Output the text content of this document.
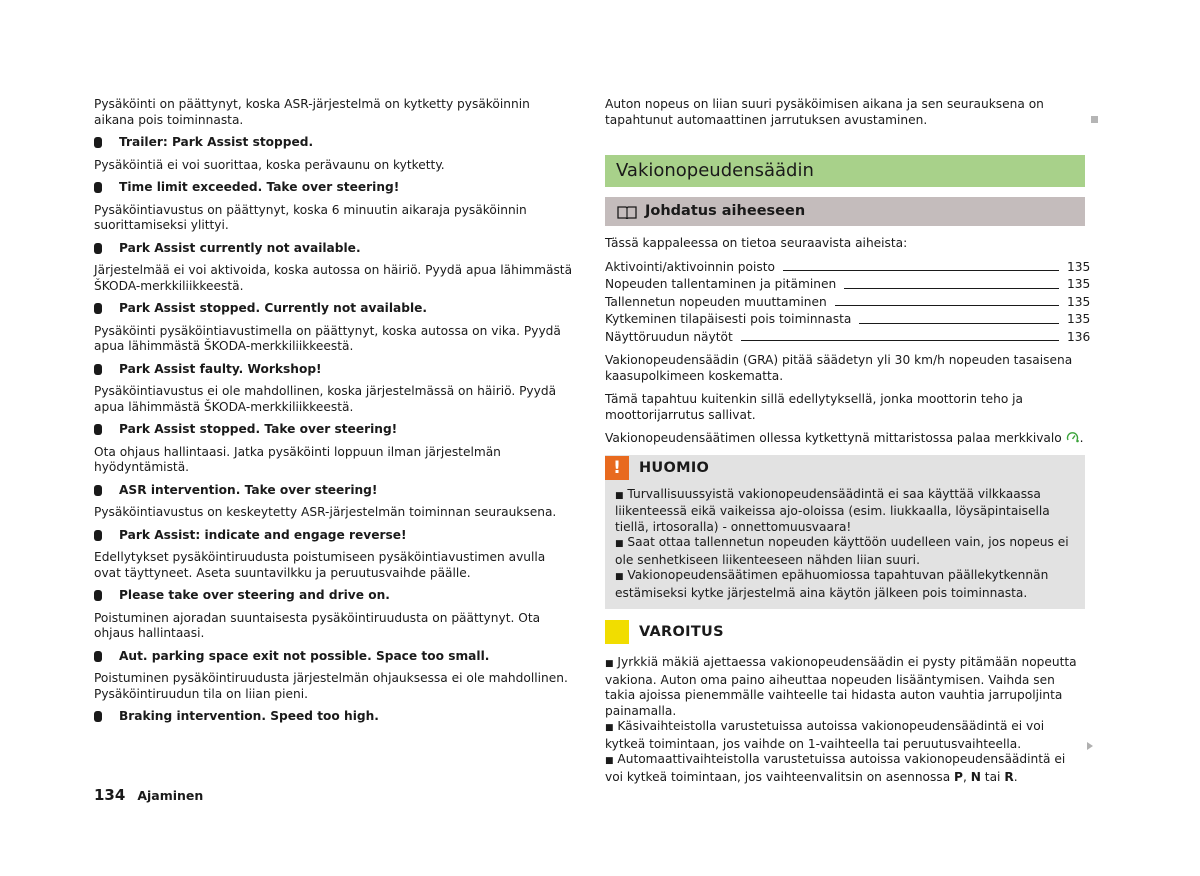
Pysäköinti on päättynyt, koska ASR-järjestelmä on kytketty pysäköinnin aikana pois toiminnasta.

Trailer: Park Assist stopped.

Pysäköintiä ei voi suorittaa, koska perävaunu on kytketty.

Time limit exceeded. Take over steering!

Pysäköintiavustus on päättynyt, koska 6 minuutin aikaraja pysäköinnin suorittamiseksi ylittyi.

Park Assist currently not available.

Järjestelmää ei voi aktivoida, koska autossa on häiriö. Pyydä apua lähimmästä ŠKODA-merkkiliikkeestä.

Park Assist stopped. Currently not available.

Pysäköinti pysäköintiavustimella on päättynyt, koska autossa on vika. Pyydä apua lähimmästä ŠKODA-merkkiliikkeestä.

Park Assist faulty. Workshop!

Pysäköintiavustus ei ole mahdollinen, koska järjestelmässä on häiriö. Pyydä apua lähimmästä ŠKODA-merkkiliikkeestä.

Park Assist stopped. Take over steering!

Ota ohjaus hallintaasi. Jatka pysäköinti loppuun ilman järjestelmän hyödyntämistä.

ASR intervention. Take over steering!

Pysäköintiavustus on keskeytetty ASR-järjestelmän toiminnan seurauksena.

Park Assist: indicate and engage reverse!

Edellytykset pysäköintiruudusta poistumiseen pysäköintiavustimen avulla ovat täyttyneet. Aseta suuntavilkku ja peruutusvaihde päälle.

Please take over steering and drive on.

Poistuminen ajoradan suuntaisesta pysäköintiruudusta on päättynyt. Ota ohjaus hallintaasi.

Aut. parking space exit not possible. Space too small.

Poistuminen pysäköintiruudusta järjestelmän ohjauksessa ei ole mahdollinen. Pysäköintiruudun tila on liian pieni.

Braking intervention. Speed too high.

Auton nopeus on liian suuri pysäköimisen aikana ja sen seurauksena on tapahtunut automaattinen jarrutuksen avustaminen.

Vakionopeudensäädin
Johdatus aiheeseen

Tässä kappaleessa on tietoa seuraavista aiheista:

Aktivointi/aktivoinnin poisto	135
Nopeuden tallentaminen ja pitäminen	135
Tallennetun nopeuden muuttaminen	135
Kytkeminen tilapäisesti pois toiminnasta	135
Näyttöruudun näytöt	136

Vakionopeudensäädin (GRA) pitää säädetyn yli 30 km/h nopeuden tasaisena kaasupolkimeen koskematta.

Tämä tapahtuu kuitenkin sillä edellytyksellä, jonka moottorin teho ja moottorijarrutus sallivat.

Vakionopeudensäätimen ollessa kytkettynä mittaristossa palaa merkkivalo .

!	HUOMIO

■ Turvallisuussyistä vakionopeudensäädintä ei saa käyttää vilkkaassa liikenteessä eikä vaikeissa ajo-oloissa (esim. liukkaalla, löysäpintaisella tiellä, irtosoralla) - onnettomuusvaara!

■ Saat ottaa tallennetun nopeuden käyttöön uudelleen vain, jos nopeus ei ole senhetkiseen liikenteeseen nähden liian suuri.

■ Vakionopeudensäätimen epähuomiossa tapahtuvan päällekytkennän estämiseksi kytke järjestelmä aina käytön jälkeen pois toiminnasta.

!	VAROITUS

■ Jyrkkiä mäkiä ajettaessa vakionopeudensäädin ei pysty pitämään nopeutta vakiona. Auton oma paino aiheuttaa nopeuden lisääntymisen. Vaihda sen takia ajoissa pienemmälle vaihteelle tai hidasta auton vauhtia jarrupoljinta painamalla.

■ Käsivaihteistolla varustetuissa autoissa vakionopeudensäädintä ei voi kytkeä toimintaan, jos vaihde on 1-vaihteella tai peruutusvaihteella.

■ Automaattivaihteistolla varustetuissa autoissa vakionopeudensäädintä ei voi kytkeä toimintaan, jos vaihteenvalitsin on asennossa P, N tai R.

134 Ajaminen
